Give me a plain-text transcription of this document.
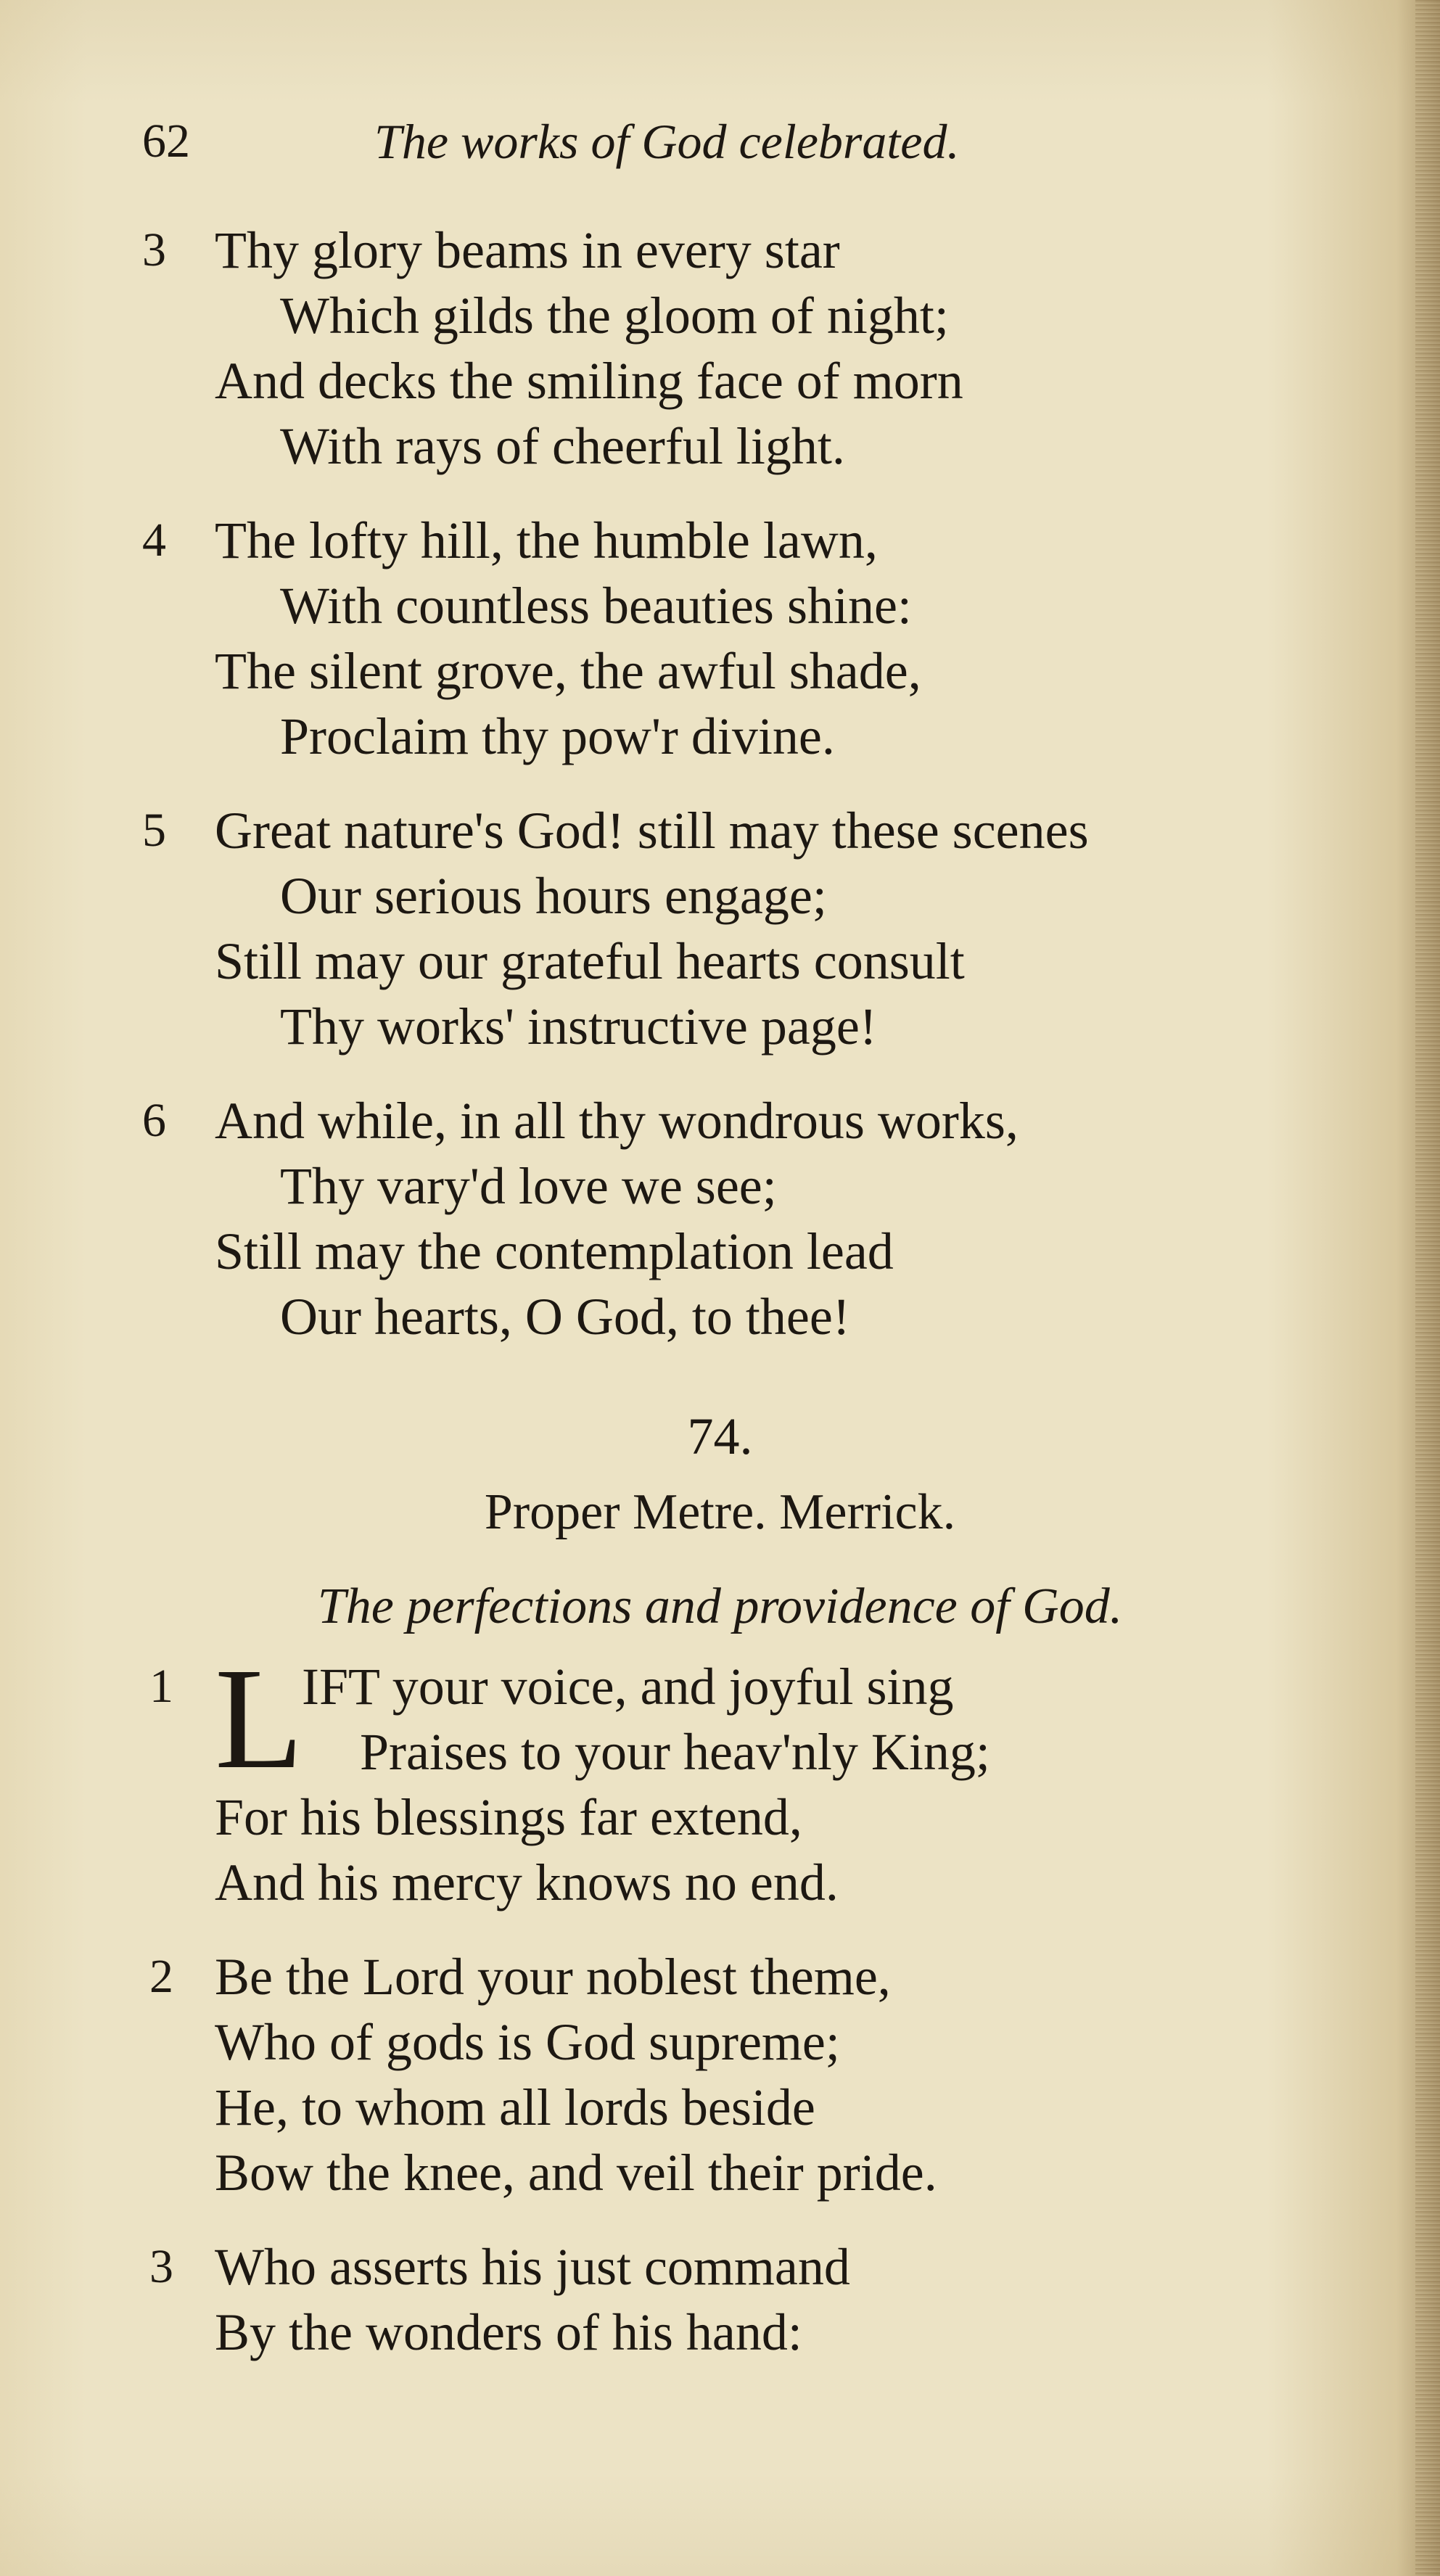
62	The works of God celebrated.
3 Thy glory beams in every star
Which gilds the gloom of night;
And decks the smiling face of morn
With rays of cheerful light.
4 The lofty hill, the humble lawn,
With countless beauties shine:
The silent grove, the awful shade,
Proclaim thy pow'r divine.
5 Great nature's God! still may these scenes
Our serious hours engage;
Still may our grateful hearts consult
Thy works' instructive page!
6 And while, in all thy wondrous works,
Thy vary'd love we see;
Still may the contemplation lead
Our hearts, O God, to thee!
74.
Proper Metre. Merrick.
The perfections and providence of God.
1 L
IFT your voice, and joyful sing
Praises to your heav'nly King;
For his blessings far extend,
And his mercy knows no end.
2 Be the Lord your noblest theme,
Who of gods is God supreme;
He, to whom all lords beside
Bow the knee, and veil their pride.
3 Who asserts his just command
By the wonders of his hand:
